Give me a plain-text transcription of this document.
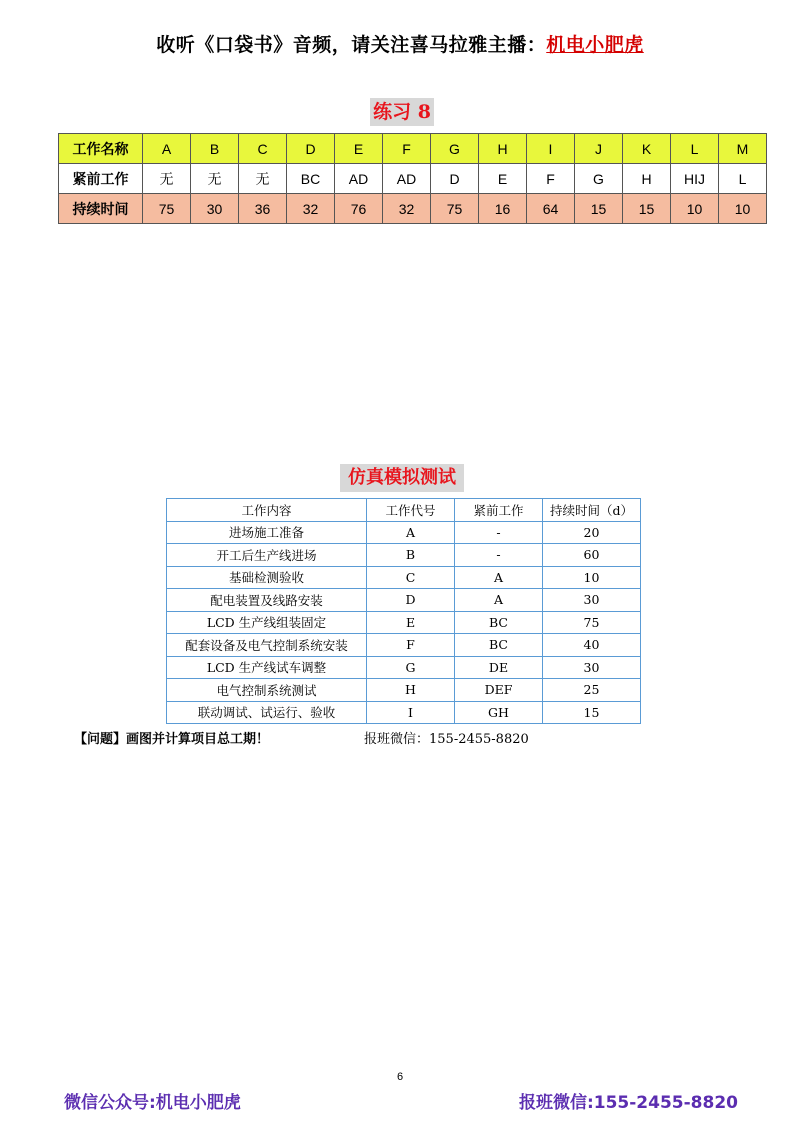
收听《口袋书》音频，请关注喜马拉雅主播：机电小肥虎
练习 8
工作名称	A	B	C	D	E	F	G	H	I	J	K	L	M
紧前工作	无	无	无	BC	AD	AD	D	E	F	G	H	HIJ	L
持续时间	75	30	36	32	76	32	75	16	64	15	15	10	10
仿真模拟测试
工作内容	工作代号	紧前工作	持续时间（d）
进场施工准备	A	-	20
开工后生产线进场	B	-	60
基础检测验收	C	A	10
配电装置及线路安装	D	A	30
LCD 生产线组装固定	E	BC	75
配套设备及电气控制系统安装	F	BC	40
LCD 生产线试车调整	G	DE	30
电气控制系统测试	H	DEF	25
联动调试、试运行、验收	I	GH	15
【问题】画图并计算项目总工期！	报班微信：155-2455-8820
6
微信公众号:机电小肥虎	报班微信:155-2455-8820
